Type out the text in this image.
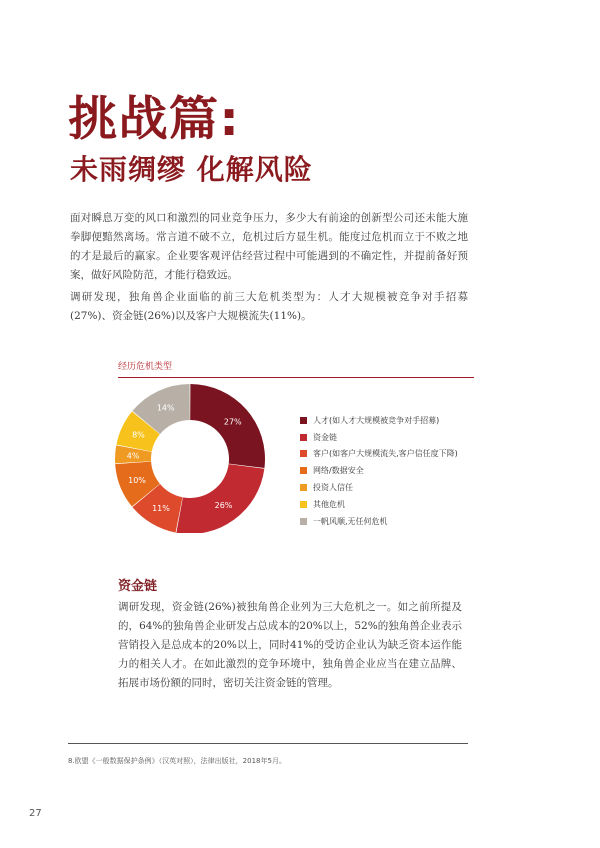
挑战篇:
未雨绸缪 化解风险

面对瞬息万变的风口和激烈的同业竞争压力，多少大有前途的创新型公司还未能大施拳脚便黯然离场。常言道不破不立，危机过后方显生机。能度过危机而立于不败之地的才是最后的赢家。企业要客观评估经营过程中可能遇到的不确定性，并提前备好预案，做好风险防范，才能行稳致远。

调研发现，独角兽企业面临的前三大危机类型为：人才大规模被竞争对手招募(27%)、资金链(26%)以及客户大规模流失(11%)。

经历危机类型
27%
26%
11%
10%
4%
8%
14%
人才(如人才大规模被竞争对手招募)
资金链
客户(如客户大规模流失,客户信任度下降)
网络/数据安全
投资人信任
其他危机
一帆风顺,无任何危机
资金链

调研发现，资金链(26%)被独角兽企业列为三大危机之一。如之前所提及的，64%的独角兽企业研发占总成本的20%以上，52%的独角兽企业表示营销投入是总成本的20%以上，同时41%的受访企业认为缺乏资本运作能力的相关人才。在如此激烈的竞争环境中，独角兽企业应当在建立品牌、拓展市场份额的同时，密切关注资金链的管理。

8.欧盟《一般数据保护条例》（汉英对照），法律出版社，2018年5月。
27
